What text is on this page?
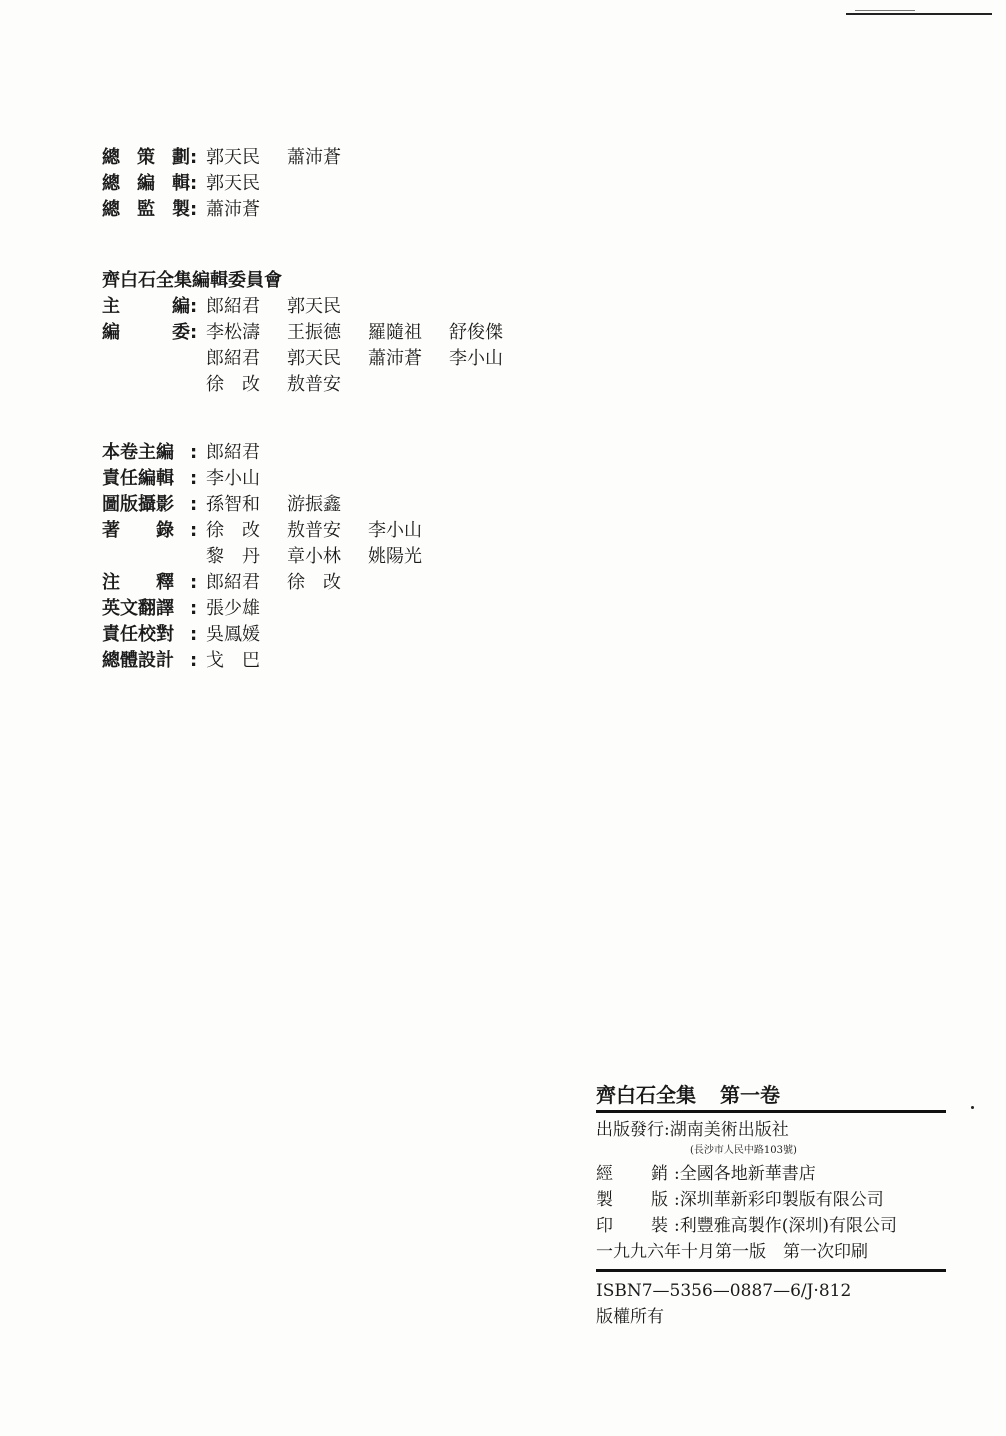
總 策 劃 : 郭天民	蕭沛蒼
總 編 輯 : 郭天民
總 監 製 : 蕭沛蒼
齊白石全集編輯委員會
主	編 : 郎紹君	郭天民
編	委 : 李松濤	王振德	羅隨祖	舒俊傑
郎紹君	郭天民	蕭沛蒼	李小山
徐　改	敖普安
本卷主編 : 郎紹君
責任編輯 : 李小山
圖版攝影 : 孫智和	游振鑫
著　　錄 : 徐　改	敖普安	李小山
黎　丹	章小林	姚陽光
注　　釋 : 郎紹君	徐　改
英文翻譯 : 張少雄
責任校對 : 吳鳳媛
總體設計 : 戈　巴
齊白石全集 第一卷
出版發行:湖南美術出版社
(長沙市人民中路103號)
經 銷 :全國各地新華書店
製 版 :深圳華新彩印製版有限公司
印 裝 :利豐雅高製作(深圳)有限公司
一九九六年十月第一版　第一次印刷
ISBN7—5356—0887—6/J·812
版權所有
